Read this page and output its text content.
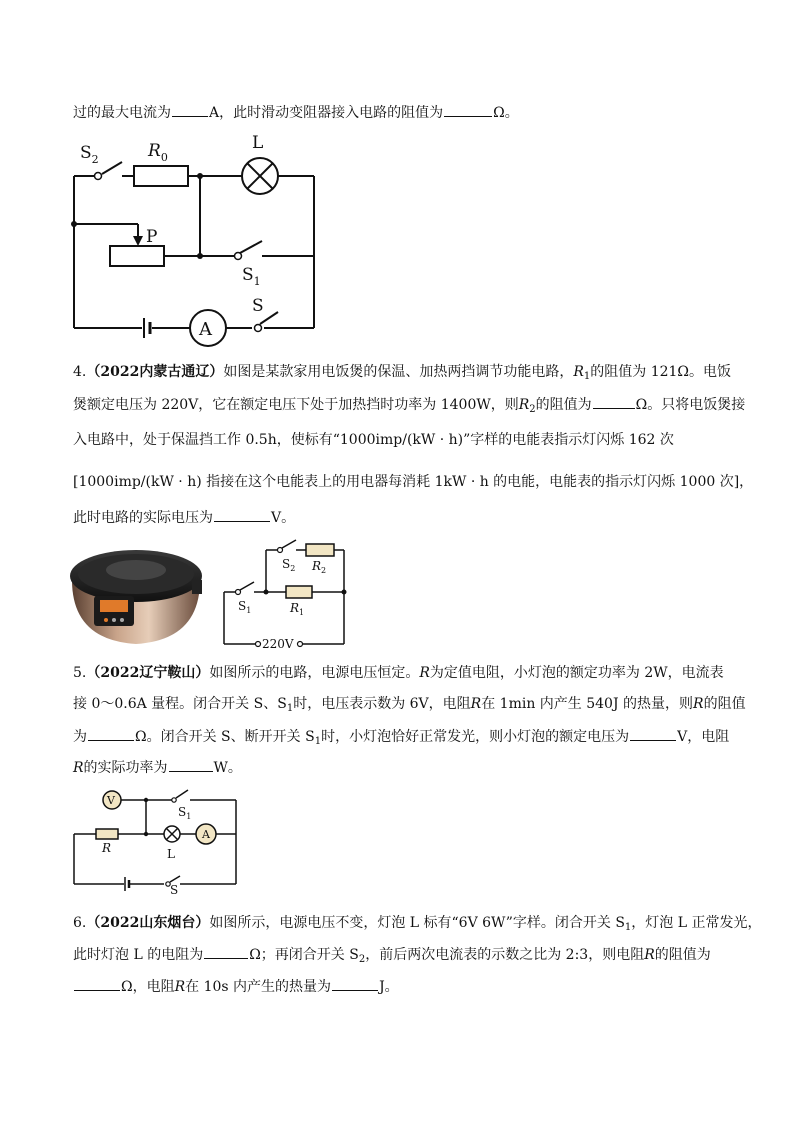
过的最大电流为	A，此时滑动变阻器接入电路的阻值为	Ω。
$S_2$	$R_0$
L
P
$S_1$
A
S
4.（2022内蒙古通辽）如图是某款家用电饭煲的保温、加热两挡调节功能电路，$R_1$的阻值为 121Ω。电饭
煲额定电压为 220V，它在额定电压下处于加热挡时功率为 1400W，则$R_2$的阻值为	Ω。只将电饭煲接
入电路中，处于保温挡工作 0.5h，使标有“1000imp/(kW · h)”字样的电能表指示灯闪烁 162 次
[1000imp/(kW · h) 指接在这个电能表上的用电器每消耗 1kW · h 的电能，电能表的指示灯闪烁 1000 次]，
此时电路的实际电压为	V。
$S_2$ $R_2$
$S_1$	$R_1$
220V
5.（2022辽宁鞍山）如图所示的电路，电源电压恒定。R为定值电阻，小灯泡的额定功率为 2W，电流表
接 0～0.6A 量程。闭合开关 S、$S_1$时，电压表示数为 6V，电阻R在 1min 内产生 540J 的热量，则R的阻值
为	Ω。闭合开关 S、断开开关 $S_1$时，小灯泡恰好正常发光，则小灯泡的额定电压为	V，电阻
R的实际功率为	W。
V
$S_1$
R	L
A
S
6.（2022山东烟台）如图所示，电源电压不变，灯泡 L 标有“6V 6W”字样。闭合开关 $S_1$，灯泡 L 正常发光，
此时灯泡 L 的电阻为	Ω；再闭合开关 $S_2$，前后两次电流表的示数之比为 2:3，则电阻R的阻值为
Ω，电阻R在 10s 内产生的热量为	J。
